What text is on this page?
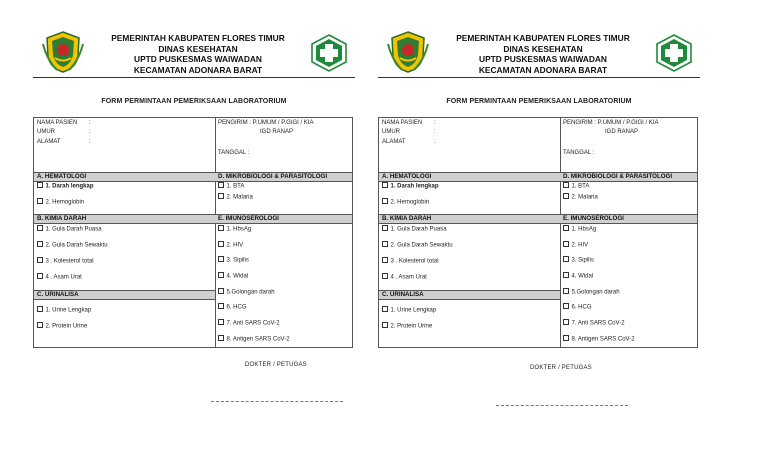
PEMERINTAH KABUPATEN FLORES TIMUR
DINAS KESEHATAN
UPTD PUSKESMAS WAIWADAN
KECAMATAN ADONARA BARAT
FORM PERMINTAAN PEMERIKSAAN LABORATORIUM
NAMA PASIEN :
UMUR	:
ALAMAT	:
A. HEMATOLOGI
1. Darah lengkap
2. Hemoglobin
B. KIMIA DARAH
1. Gula Darah Puasa
2. Gula Darah Sewaktu
3 . Kolesterol total
4 . Asam Urat
C. URINALISA
1. Urine Lengkap
2. Protein Urine
PENGIRIM : P.UMUM / P.GIGI / KIA
IGD RANAP
TANGGAL :
D. MIKROBIOLOGI & PARASITOLOGI
1. BTA
2. Malaria
E. IMUNOSEROLOGI
1. HbsAg
2. HIV
3. Sipilis
4. Widal
5.Golongan darah
6. HCG
7. Anti SARS CoV-2
8. Antigen SARS CoV-2
DOKTER / PETUGAS
PEMERINTAH KABUPATEN FLORES TIMUR
DINAS KESEHATAN
UPTD PUSKESMAS WAIWADAN
KECAMATAN ADONARA BARAT
FORM PERMINTAAN PEMERIKSAAN LABORATORIUM
NAMA PASIEN :
UMUR	:
ALAMAT	:
A. HEMATOLOGI
1. Darah lengkap
2. Hemoglobin
B. KIMIA DARAH
1. Gula Darah Puasa
2. Gula Darah Sewaktu
3 . Kolesterol total
4 . Asam Urat
C. URINALISA
1. Urine Lengkap
2. Protein Urine
PENGIRIM : P.UMUM / P.GIGI / KIA
IGD RANAP
TANGGAL :
D. MIKROBIOLOGI & PARASITOLOGI
1. BTA
2. Malaria
E. IMUNOSEROLOGI
1. HbsAg
2. HIV
3. Sipilis
4. Widal
5.Golongan darah
6. HCG
7. Anti SARS CoV-2
8. Antigen SARS CoV-2
DOKTER / PETUGAS
